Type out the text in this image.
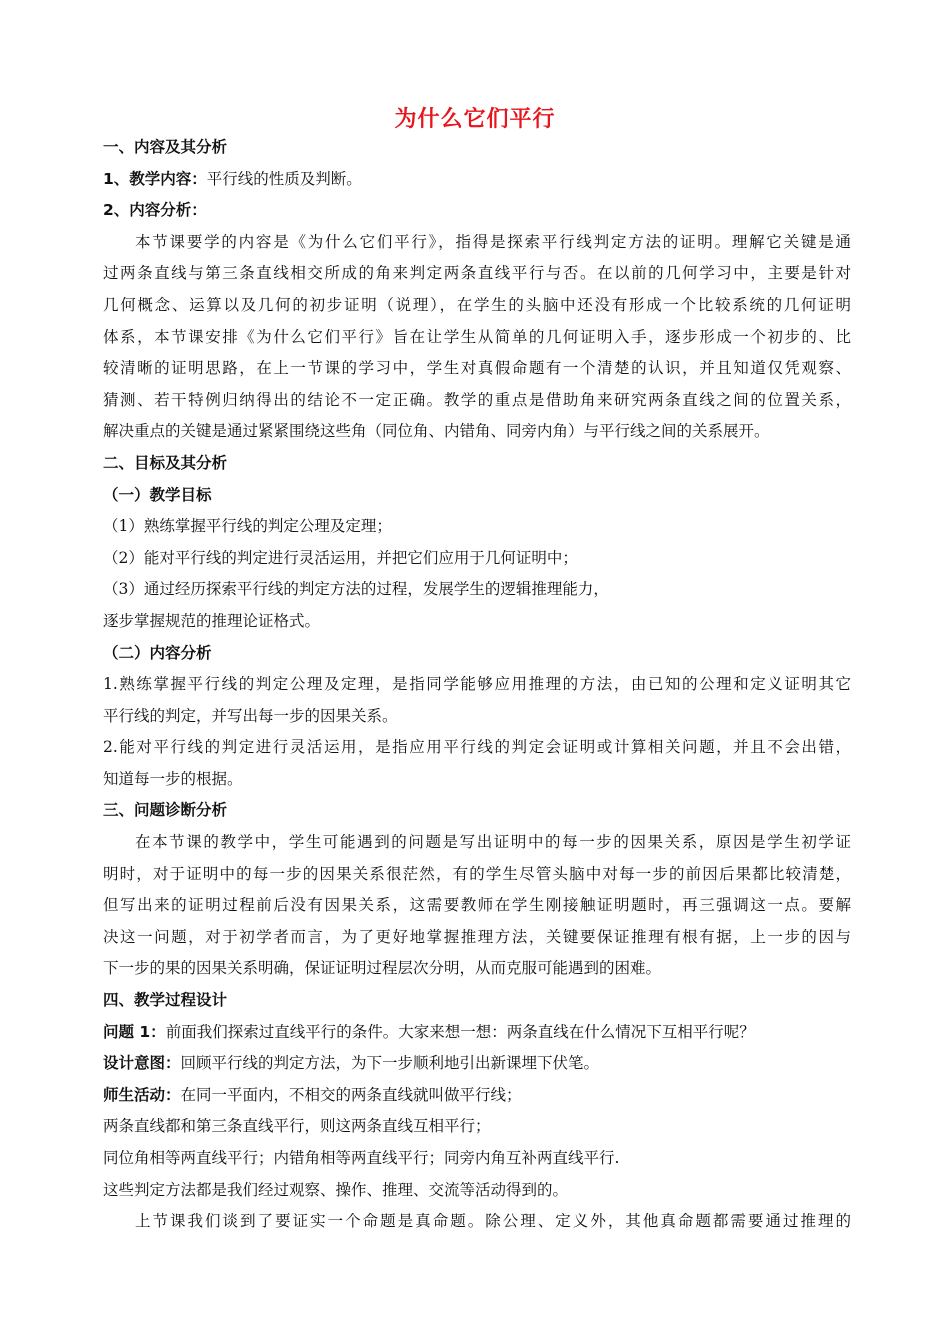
为什么它们平行

一、内容及其分析

1、教学内容：平行线的性质及判断。

2、内容分析：

本节课要学的内容是《为什么它们平行》，指得是探索平行线判定方法的证明。理解它关键是通

过两条直线与第三条直线相交所成的角来判定两条直线平行与否。在以前的几何学习中，主要是针对

几何概念、运算以及几何的初步证明（说理），在学生的头脑中还没有形成一个比较系统的几何证明

体系，本节课安排《为什么它们平行》旨在让学生从简单的几何证明入手，逐步形成一个初步的、比

较清晰的证明思路，在上一节课的学习中，学生对真假命题有一个清楚的认识，并且知道仅凭观察、

猜测、若干特例归纳得出的结论不一定正确。教学的重点是借助角来研究两条直线之间的位置关系，

解决重点的关键是通过紧紧围绕这些角（同位角、内错角、同旁内角）与平行线之间的关系展开。

二、目标及其分析

（一）教学目标

（1）熟练掌握平行线的判定公理及定理；

（2）能对平行线的判定进行灵活运用，并把它们应用于几何证明中；

（3）通过经历探索平行线的判定方法的过程，发展学生的逻辑推理能力，

逐步掌握规范的推理论证格式。

（二）内容分析

1.熟练掌握平行线的判定公理及定理，是指同学能够应用推理的方法，由已知的公理和定义证明其它

平行线的判定，并写出每一步的因果关系。

2.能对平行线的判定进行灵活运用，是指应用平行线的判定会证明或计算相关问题，并且不会出错，

知道每一步的根据。

三、问题诊断分析

在本节课的教学中，学生可能遇到的问题是写出证明中的每一步的因果关系，原因是学生初学证

明时，对于证明中的每一步的因果关系很茫然，有的学生尽管头脑中对每一步的前因后果都比较清楚，

但写出来的证明过程前后没有因果关系，这需要教师在学生刚接触证明题时，再三强调这一点。要解

决这一问题，对于初学者而言，为了更好地掌握推理方法，关键要保证推理有根有据，上一步的因与

下一步的果的因果关系明确，保证证明过程层次分明，从而克服可能遇到的困难。

四、教学过程设计

问题 1：前面我们探索过直线平行的条件。大家来想一想：两条直线在什么情况下互相平行呢？

设计意图：回顾平行线的判定方法，为下一步顺利地引出新课埋下伏笔。

师生活动：在同一平面内，不相交的两条直线就叫做平行线；

两条直线都和第三条直线平行，则这两条直线互相平行；

同位角相等两直线平行；内错角相等两直线平行；同旁内角互补两直线平行.

这些判定方法都是我们经过观察、操作、推理、交流等活动得到的。

上节课我们谈到了要证实一个命题是真命题。除公理、定义外，其他真命题都需要通过推理的
